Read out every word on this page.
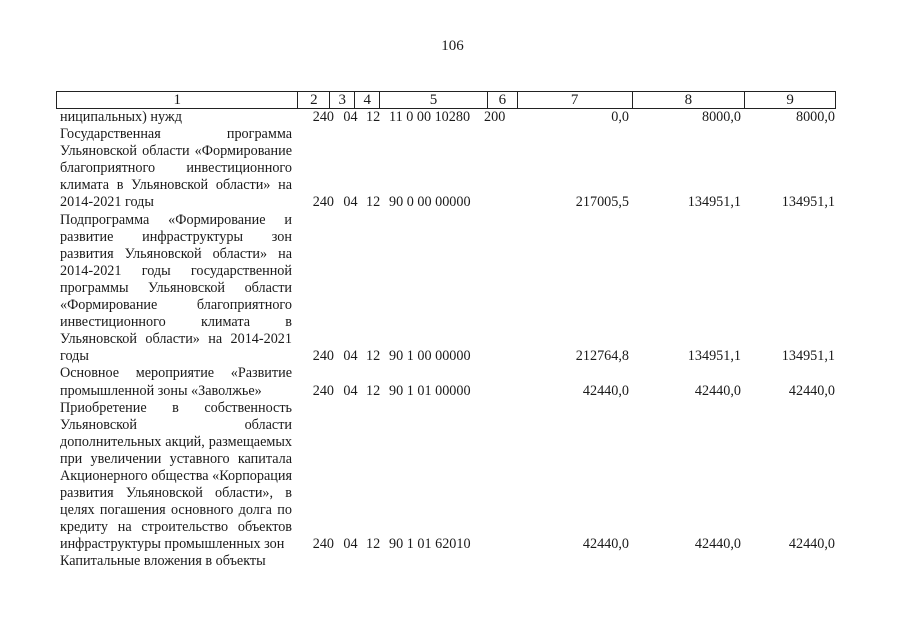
106
1	2	3	4	5	6	7	8	9
ниципальных) нужд	240 04 12 11 0 00 10280 200	0,0	8000,0	8000,0
Государственная программа Ульяновской области «Формирование благоприятного инвестиционного климата в Ульяновской области» на 2014-2021 годы	240 04 12 90 0 00 00000	217005,5	134951,1	134951,1
Подпрограмма «Формирование и развитие инфраструктуры зон развития Ульяновской области» на 2014-2021 годы государственной программы Ульяновской области «Формирование благоприятного инвестиционного климата в Ульяновской области» на 2014-2021 годы	240 04 12 90 1 00 00000	212764,8	134951,1	134951,1
Основное мероприятие «Развитие промышленной зоны «Заволжье»	240 04 12 90 1 01 00000	42440,0	42440,0	42440,0
Приобретение в собственность Ульяновской области дополнительных акций, размещаемых при увеличении уставного капитала Акционерного общества «Корпорация развития Ульяновской области», в целях погашения основного долга по кредиту на строительство объектов инфраструктуры промышленных зон	240 04 12 90 1 01 62010	42440,0	42440,0	42440,0
Капитальные вложения в объекты
